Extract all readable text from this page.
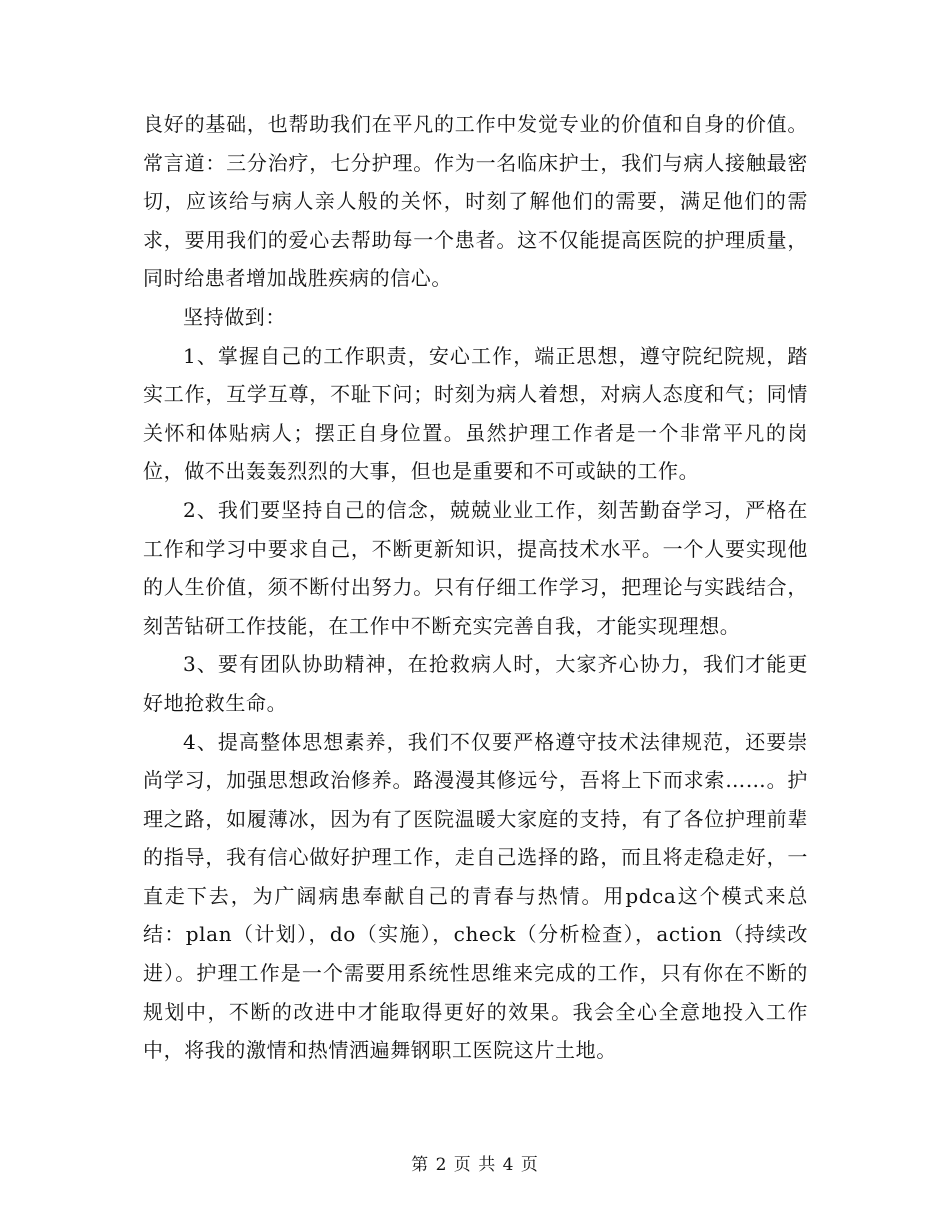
良好的基础，也帮助我们在平凡的工作中发觉专业的价值和自身的价值。常言道：三分治疗，七分护理。作为一名临床护士，我们与病人接触最密切，应该给与病人亲人般的关怀，时刻了解他们的需要，满足他们的需求，要用我们的爱心去帮助每一个患者。这不仅能提高医院的护理质量，同时给患者增加战胜疾病的信心。

坚持做到：

1、掌握自己的工作职责，安心工作，端正思想，遵守院纪院规，踏实工作，互学互尊，不耻下问；时刻为病人着想，对病人态度和气；同情关怀和体贴病人；摆正自身位置。虽然护理工作者是一个非常平凡的岗位，做不出轰轰烈烈的大事，但也是重要和不可或缺的工作。

2、我们要坚持自己的信念，兢兢业业工作，刻苦勤奋学习，严格在工作和学习中要求自己，不断更新知识，提高技术水平。一个人要实现他的人生价值，须不断付出努力。只有仔细工作学习，把理论与实践结合，刻苦钻研工作技能，在工作中不断充实完善自我，才能实现理想。

3、要有团队协助精神，在抢救病人时，大家齐心协力，我们才能更好地抢救生命。

4、提高整体思想素养，我们不仅要严格遵守技术法律规范，还要崇尚学习，加强思想政治修养。路漫漫其修远兮，吾将上下而求索……。护理之路，如履薄冰，因为有了医院温暖大家庭的支持，有了各位护理前辈的指导，我有信心做好护理工作，走自己选择的路，而且将走稳走好，一直走下去，为广阔病患奉献自己的青春与热情。用pdca这个模式来总结：plan（计划），do（实施），check（分析检查），action（持续改进）。护理工作是一个需要用系统性思维来完成的工作，只有你在不断的规划中，不断的改进中才能取得更好的效果。我会全心全意地投入工作中，将我的激情和热情洒遍舞钢职工医院这片土地。

第 2 页 共 4 页
